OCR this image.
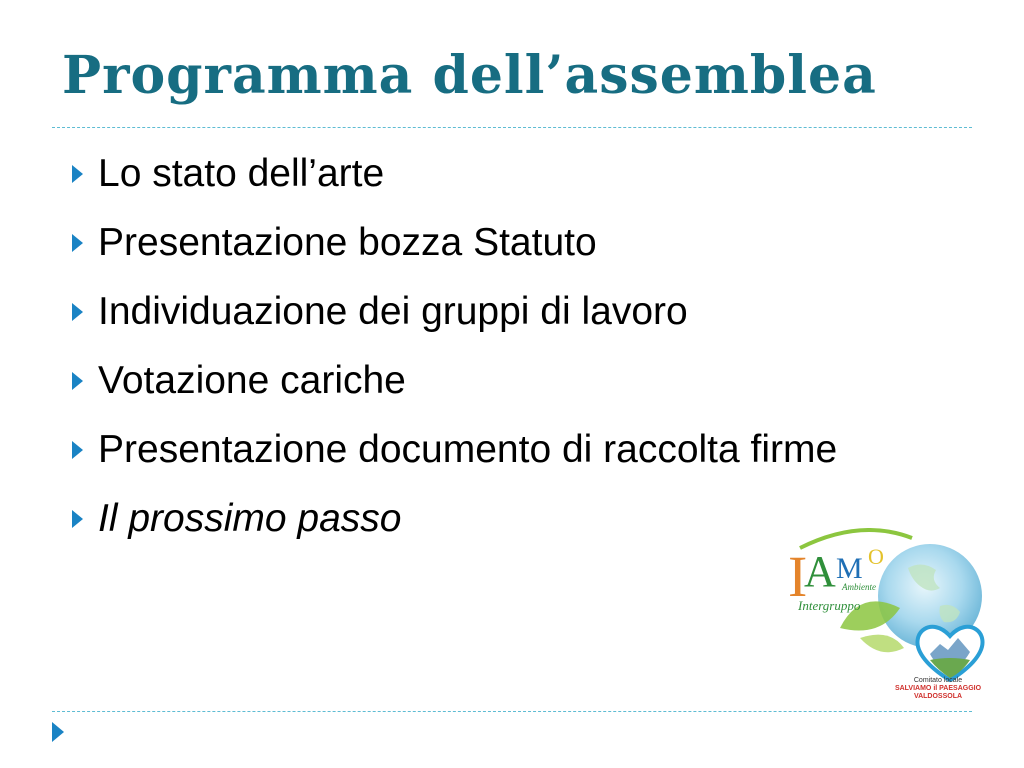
Programma dell’assemblea
Lo stato dell’arte
Presentazione bozza Statuto
Individuazione dei gruppi di lavoro
Votazione cariche
Presentazione documento di raccolta firme
Il prossimo passo
I
A M O
Ambiente
Intergruppo
Comitato locale
SALVIAMO il PAESAGGIO
VALDOSSOLA
